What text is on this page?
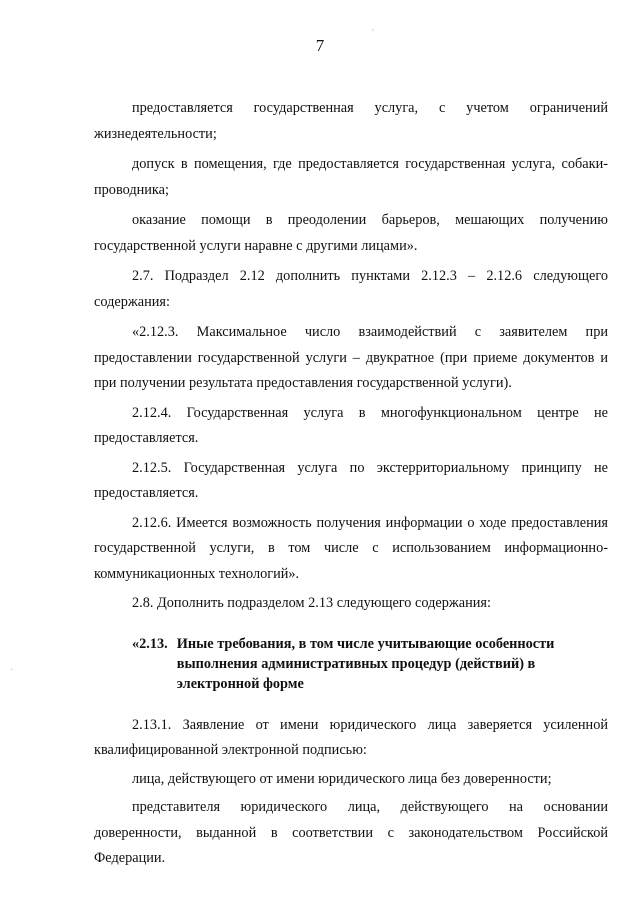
7

предоставляется государственная услуга, с учетом ограничений жизнедеятельности;

допуск в помещения, где предоставляется государственная услуга, собаки-проводника;

оказание помощи в преодолении барьеров, мешающих получению государственной услуги наравне с другими лицами».

2.7. Подраздел 2.12 дополнить пунктами 2.12.3 – 2.12.6 следующего содержания:

«2.12.3. Максимальное число взаимодействий с заявителем при предоставлении государственной услуги – двукратное (при приеме документов и при получении результата предоставления государственной услуги).

2.12.4. Государственная услуга в многофункциональном центре не предоставляется.

2.12.5. Государственная услуга по экстерриториальному принципу не предоставляется.

2.12.6. Имеется возможность получения информации о ходе предоставления государственной услуги, в том числе с использованием информационно-коммуникационных технологий».

2.8. Дополнить подразделом 2.13 следующего содержания:

«2.13. Иные требования, в том числе учитывающие особенности выполнения административных процедур (действий) в электронной форме

2.13.1. Заявление от имени юридического лица заверяется усиленной квалифицированной электронной подписью:

лица, действующего от имени юридического лица без доверенности;

представителя юридического лица, действующего на основании доверенности, выданной в соответствии с законодательством Российской Федерации.

'
·
